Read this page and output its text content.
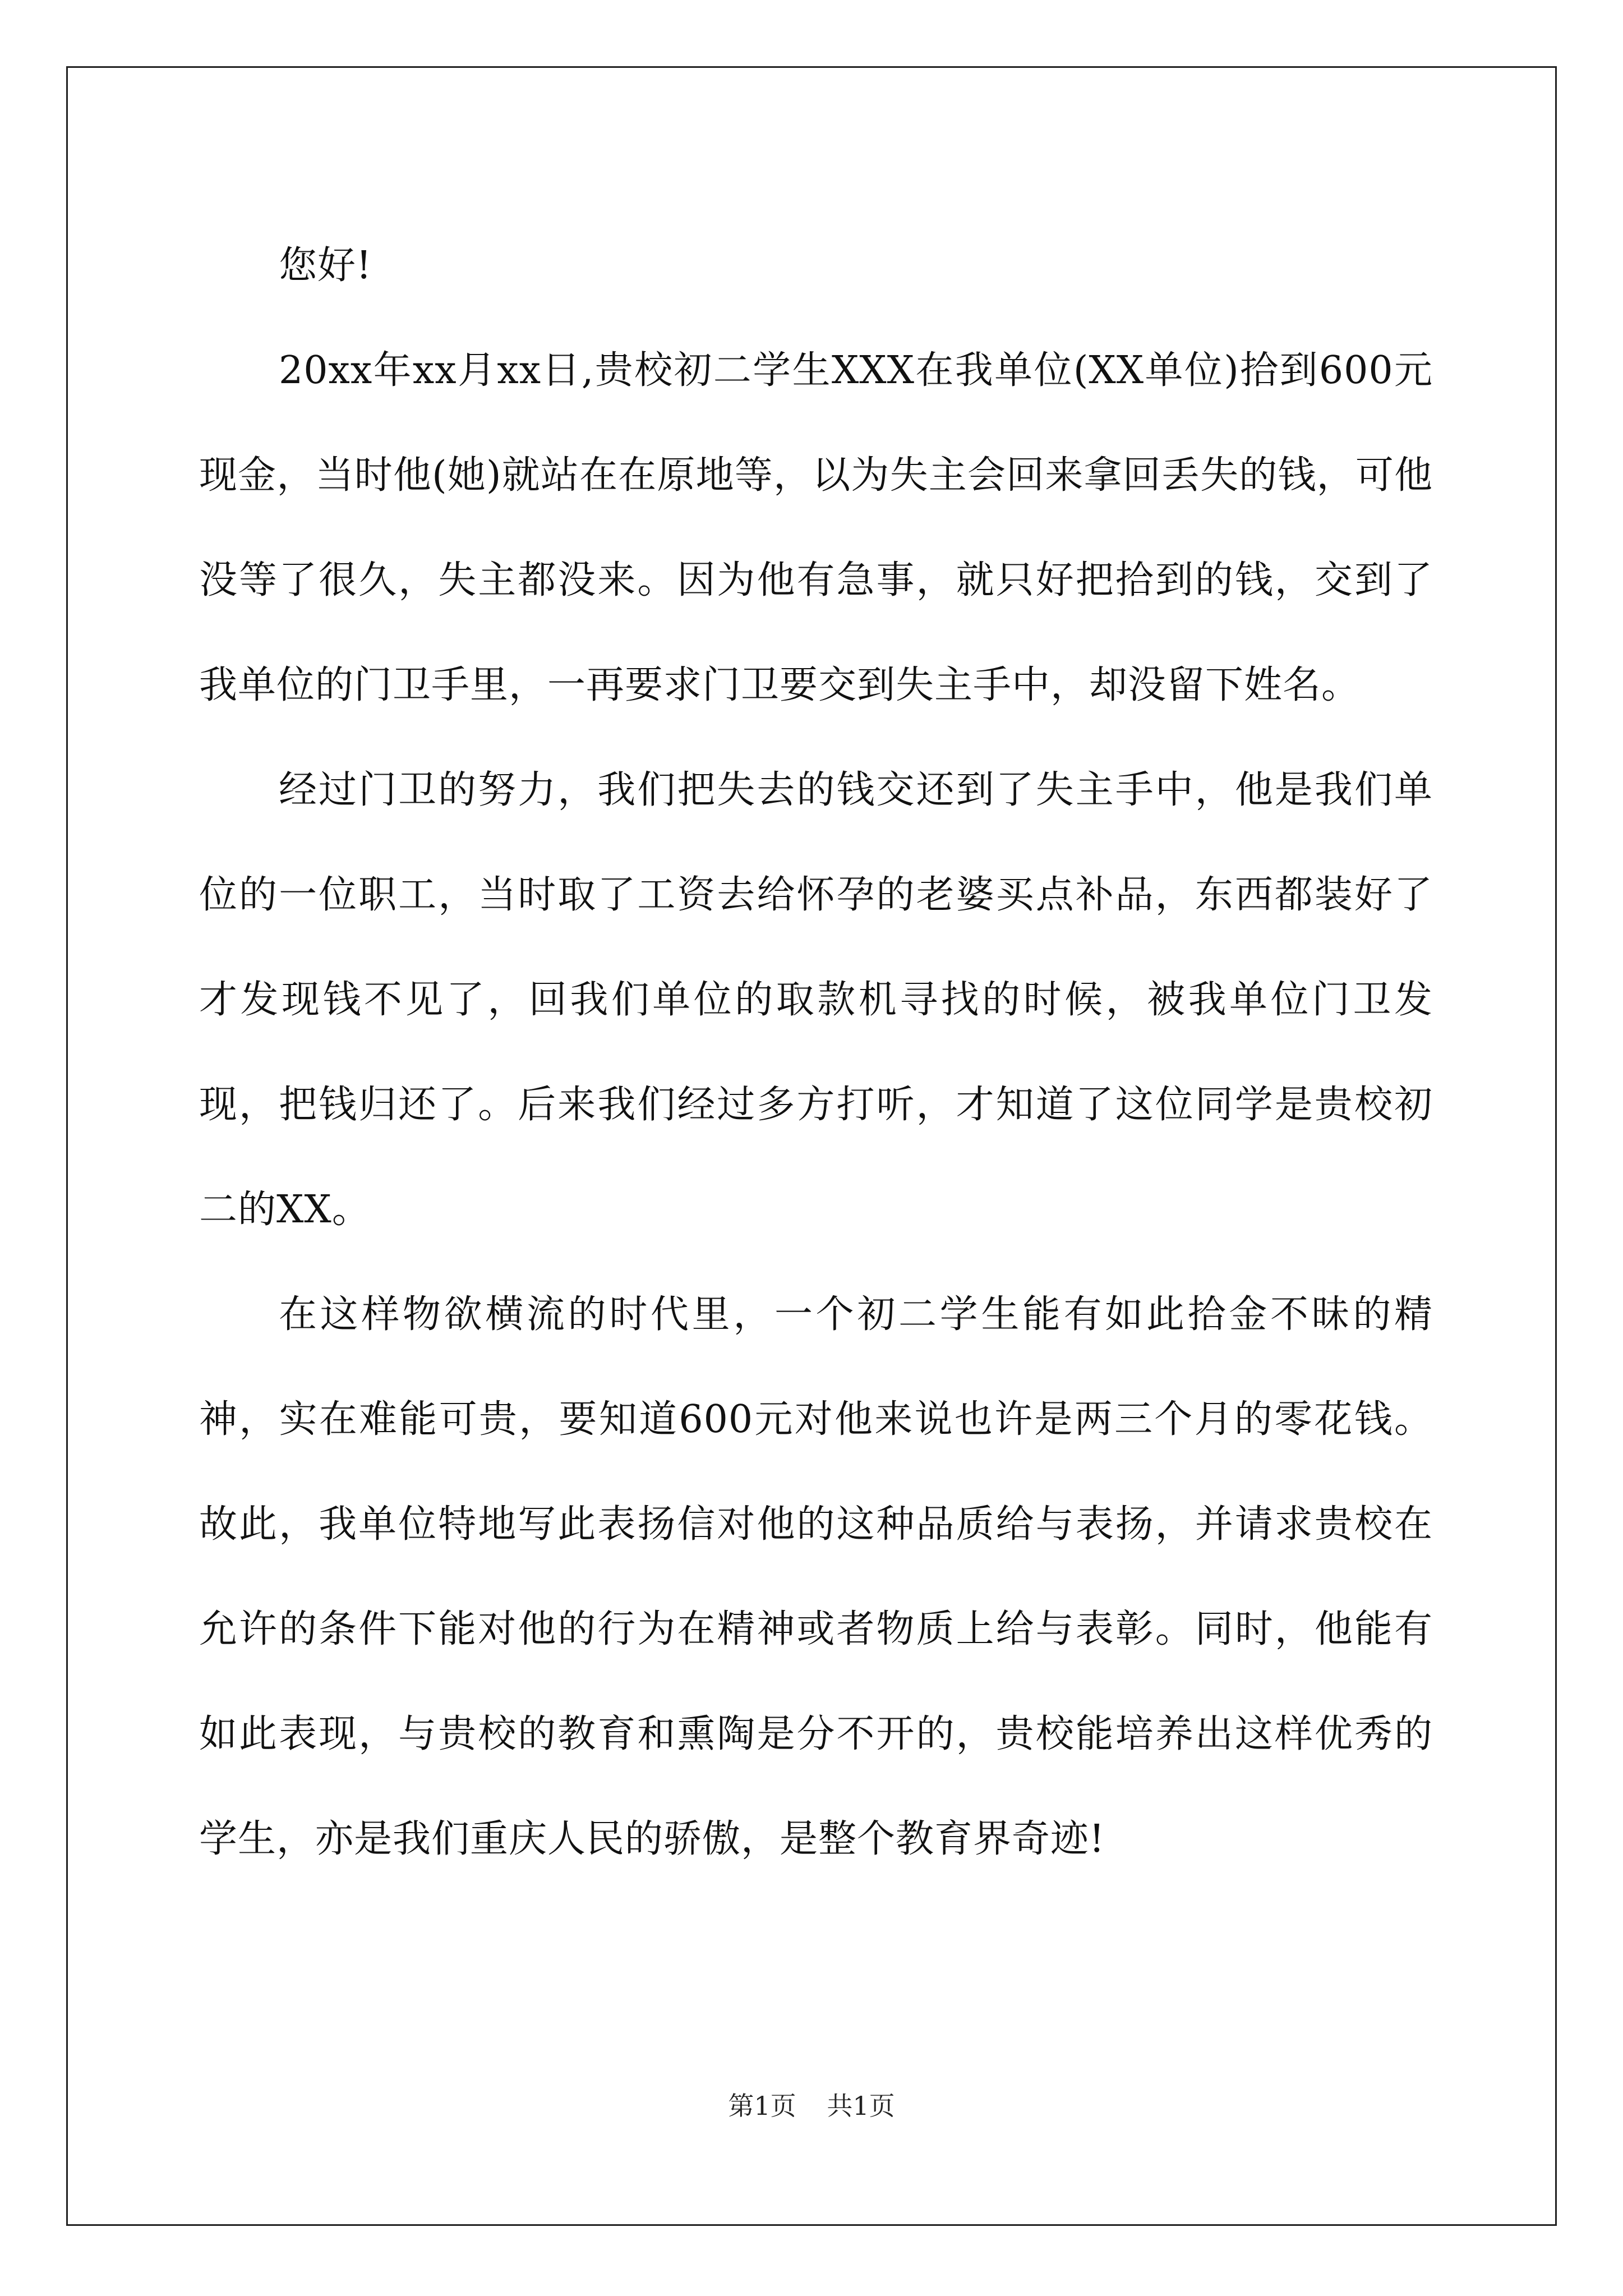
您好!

20xx年xx月xx日,贵校初二学生XXX在我单位(XX单位)拾到600元现金，当时他(她)就站在在原地等，以为失主会回来拿回丢失的钱，可他没等了很久，失主都没来。因为他有急事，就只好把拾到的钱，交到了我单位的门卫手里，一再要求门卫要交到失主手中，却没留下姓名。

经过门卫的努力，我们把失去的钱交还到了失主手中，他是我们单位的一位职工，当时取了工资去给怀孕的老婆买点补品，东西都装好了才发现钱不见了，回我们单位的取款机寻找的时候，被我单位门卫发现，把钱归还了。后来我们经过多方打听，才知道了这位同学是贵校初二的XX。

在这样物欲横流的时代里，一个初二学生能有如此拾金不昧的精神，实在难能可贵，要知道600元对他来说也许是两三个月的零花钱。故此，我单位特地写此表扬信对他的这种品质给与表扬，并请求贵校在允许的条件下能对他的行为在精神或者物质上给与表彰。同时，他能有如此表现，与贵校的教育和熏陶是分不开的，贵校能培养出这样优秀的学生，亦是我们重庆人民的骄傲，是整个教育界奇迹!

第1页 共1页
